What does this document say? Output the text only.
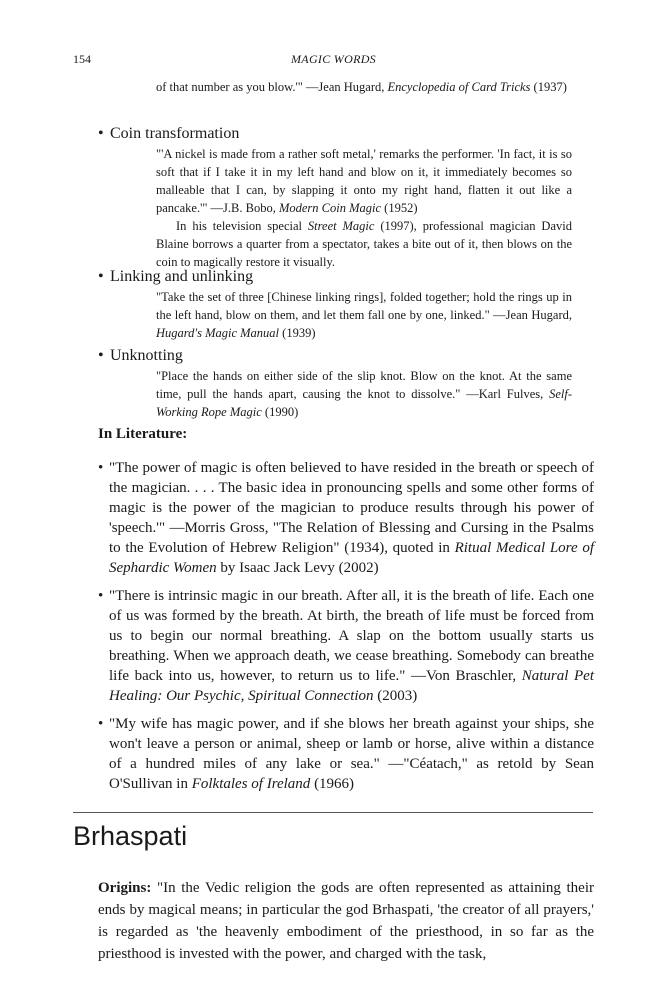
154	MAGIC WORDS
of that number as you blow.'" —Jean Hugard, Encyclopedia of Card Tricks (1937)
• Coin transformation

"'A nickel is made from a rather soft metal,' remarks the performer. 'In fact, it is so soft that if I take it in my left hand and blow on it, it immediately becomes so malleable that I can, by slapping it onto my right hand, flatten it out like a pancake.'" —J.B. Bobo, Modern Coin Magic (1952)

In his television special Street Magic (1997), professional magician David Blaine borrows a quarter from a spectator, takes a bite out of it, then blows on the coin to magically restore it visually.

• Linking and unlinking

"Take the set of three [Chinese linking rings], folded together; hold the rings up in the left hand, blow on them, and let them fall one by one, linked." —Jean Hugard, Hugard's Magic Manual (1939)

• Unknotting

"Place the hands on either side of the slip knot. Blow on the knot. At the same time, pull the hands apart, causing the knot to dissolve." —Karl Fulves, Self-Working Rope Magic (1990)

In Literature:
• "The power of magic is often believed to have resided in the breath or speech of the magician. . . . The basic idea in pronouncing spells and some other forms of magic is the power of the magician to produce results through his power of 'speech.'" —Morris Gross, "The Relation of Blessing and Cursing in the Psalms to the Evolution of Hebrew Religion" (1934), quoted in Ritual Medical Lore of Sephardic Women by Isaac Jack Levy (2002)
• "There is intrinsic magic in our breath. After all, it is the breath of life. Each one of us was formed by the breath. At birth, the breath of life must be forced from us to begin our normal breathing. A slap on the bottom usually starts us breathing. When we approach death, we cease breathing. Somebody can breathe life back into us, however, to return us to life." —Von Braschler, Natural Pet Healing: Our Psychic, Spiritual Connection (2003)
• "My wife has magic power, and if she blows her breath against your ships, she won't leave a person or animal, sheep or lamb or horse, alive within a distance of a hundred miles of any lake or sea." —"Céatach," as retold by Sean O'Sullivan in Folktales of Ireland (1966)
Brhaspati
Origins: "In the Vedic religion the gods are often represented as attaining their ends by magical means; in particular the god Brhaspati, 'the creator of all prayers,' is regarded as 'the heavenly embodiment of the priesthood, in so far as the priesthood is invested with the power, and charged with the task,
